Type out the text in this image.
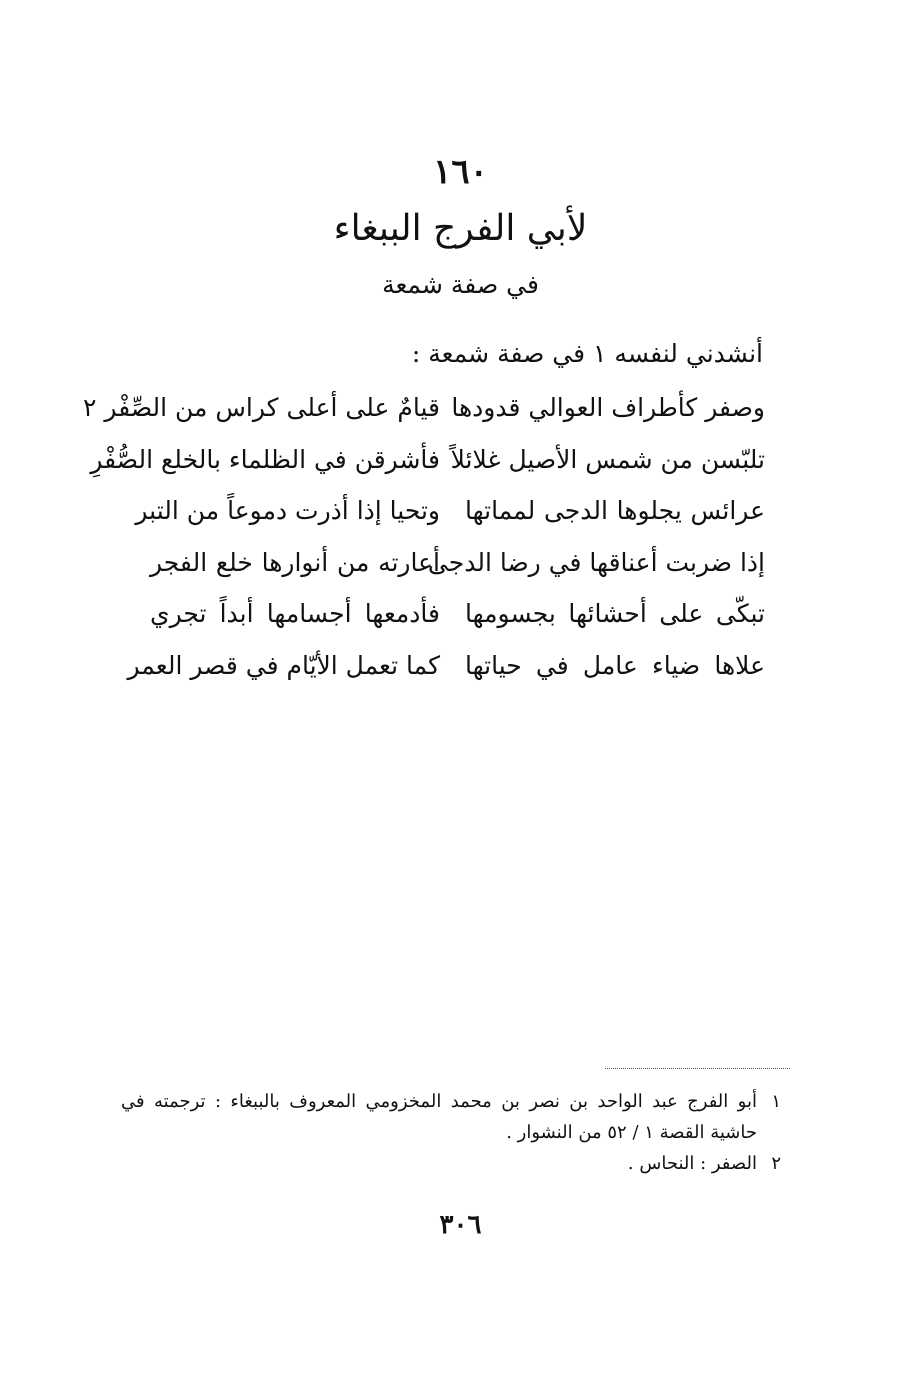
١٦٠
لأبي الفرج الببغاء
في صفة شمعة
أنشدني لنفسه ١ في صفة شمعة :
وصفر كأطراف العوالي قدودها
قيامٌ على أعلى كراس من الصِّفْر ٢
تلبّسن من شمس الأصيل غلائلاً
فأشرقن في الظلماء بالخلع الصُّفْرِ
عرائس يجلوها الدجى لمماتها
وتحيا إذا أذرت دموعاً من التبر
إذا ضربت أعناقها في رضا الدجى
أعارته من أنوارها خلع الفجر
تبكّى على أحشائها بجسومها
فأدمعها أجسامها أبداً تجري
علاها ضياء عامل في حياتها
كما تعمل الأيّام في قصر العمر
١
أبو الفرج عبد الواحد بن نصر بن محمد المخزومي المعروف بالببغاء : ترجمته في حاشية القصة ١ / ٥٢ من النشوار .
٢
الصفر : النحاس .
٣٠٦
